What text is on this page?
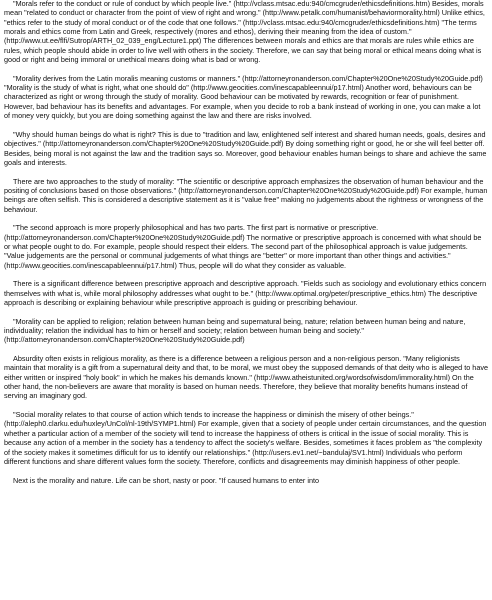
"Morals refer to the conduct or rule of conduct by which people live." (http://vclass.mtsac.edu:940/cmcgruder/ethicsdefinitions.htm) Besides, morals mean "related to conduct or character from the point of view of right and wrong." (http://www.petalk.com/humanist/behaviormorality.html) Unlike ethics, "ethics refer to the study of moral conduct or of the code that one follows." (http://vclass.mtsac.edu:940/cmcgruder/ethicsdefinitions.htm) "The terms morals and ethics come from Latin and Greek, respectively (mores and ethos), deriving their meaning from the idea of custom." (http://www.ut.ee/flfi/Sutrop/ARTH_02_039_eng/Lecture1.ppt) The differences between morals and ethics are that morals are rules while ethics are rules, which people should abide in order to live well with others in the society. Therefore, we can say that being moral or ethical means doing what is good or right and being immoral or unethical means doing what is bad or wrong.

"Morality derives from the Latin moralis meaning customs or manners." (http://attorneyronanderson.com/Chapter%20One%20Study%20Guide.pdf) "Morality is the study of what is right, what one should do" (http://www.geocities.com/inescapableennui/p17.html) Another word, behaviours can be characterized as right or wrong through the study of morality. Good behaviour can be motivated by rewards, recognition or fear of punishment. However, bad behaviour has its benefits and advantages. For example, when you decide to rob a bank instead of working in one, you can make a lot of money very quickly, but you are doing something against the law and there are risks involved.

"Why should human beings do what is right? This is due to "tradition and law, enlightened self interest and shared human needs, goals, desires and objectives." (http://attorneyronanderson.com/Chapter%20One%20Study%20Guide.pdf) By doing something right or good, he or she will feel better off. Besides, being moral is not against the law and the tradition says so. Moreover, good behaviour enables human beings to share and achieve the same goals and interests.

There are two approaches to the study of morality: "The scientific or descriptive approach emphasizes the observation of human behaviour and the positing of conclusions based on those observations." (http://attorneyronanderson.com/Chapter%20One%20Study%20Guide.pdf) For example, human beings are often selfish. This is considered a descriptive statement as it is "value free" making no judgements about the rightness or wrongness of the behaviour.

"The second approach is more properly philosophical and has two parts. The first part is normative or prescriptive. (http://attorneyronanderson.com/Chapter%20One%20Study%20Guide.pdf) The normative or prescriptive approach is concerned with what should be or what people ought to do. For example, people should respect their elders. The second part of the philosophical approach is value judgements. "Value judgements are the personal or communal judgements of what things are "better" or more important than other things and activities." (http://www.geocities.com/inescapableennui/p17.html) Thus, people will do what they consider as valuable.

There is a significant difference between prescriptive approach and descriptive approach. "Fields such as sociology and evolutionary ethics concern themselves with what is, while moral philosophy addresses what ought to be." (http://www.optimal.org/peter/prescriptive_ethics.htm) The descriptive approach is describing or explaining behaviour while prescriptive approach is guiding or prescribing behaviour.

"Morality can be applied to religion; relation between human being and supernatural being, nature; relation between human being and nature, individuality; relation the individual has to him or herself and society; relation between human being and society." (http://attorneyronanderson.com/Chapter%20One%20Study%20Guide.pdf)

Absurdity often exists in religious morality, as there is a difference between a religious person and a non-religious person. "Many religionists maintain that morality is a gift from a supernatural deity and that, to be moral, we must obey the supposed demands of that deity who is alleged to have either written or inspired "holy book" in which he makes his demands known." (http://www.atheistunited.org/wordsofwisdom/immorality.html) On the other hand, the non-believers are aware that morality is based on human needs. Therefore, they believe that morality benefits humans instead of serving an imaginary god.

"Social morality relates to that course of action which tends to increase the happiness or diminish the misery of other beings." (http://aleph0.clarku.edu/huxley/UnCol/nl-19th/SYMP1.html) For example, given that a society of people under certain circumstances, and the question whether a particular action of a member of the society will tend to increase the happiness of others is critical in the issue of social morality. This is because any action of a member in the society has a tendency to affect the society's welfare. Besides, sometimes it faces problem as "the complexity of the society makes it sometimes difficult for us to identify our relationships." (http://users.ev1.net/~bandulaj/SV1.html) Individuals who perform different functions and share different values form the society. Therefore, conflicts and disagreements may diminish happiness of other people.

Next is the morality and nature. Life can be short, nasty or poor. "If caused humans to enter into
